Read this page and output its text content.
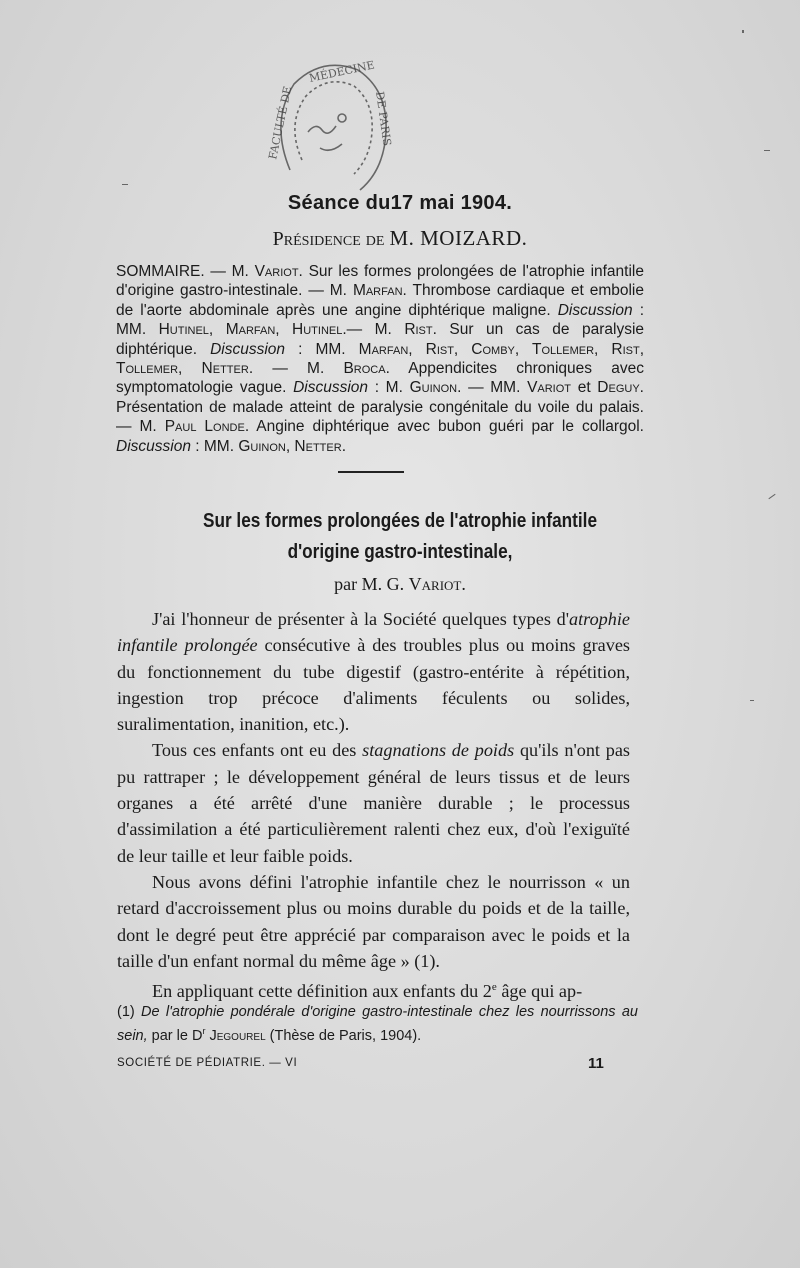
MÉDECINE
FACULTÉ DE	DE PARIS
Séance du17 mai 1904.
Présidence de M. MOIZARD.
SOMMAIRE. — M. Variot. Sur les formes prolongées de l'atrophie infantile d'origine gastro-intestinale. — M. Marfan. Thrombose cardiaque et embolie de l'aorte abdominale après une angine diphtérique maligne. Discussion : MM. Hutinel, Marfan, Hutinel.— M. Rist. Sur un cas de paralysie diphtérique. Discussion : MM. Marfan, Rist, Comby, Tollemer, Rist, Tollemer, Netter. — M. Broca. Appendicites chroniques avec symptomatologie vague. Discussion : M. Guinon. — MM. Variot et Deguy. Présentation de malade atteint de paralysie congénitale du voile du palais. — M. Paul Londe. Angine diphtérique avec bubon guéri par le collargol. Discussion : MM. Guinon, Netter.
Sur les formes prolongées de l'atrophie infantile
d'origine gastro-intestinale,
par M. G. Variot.

J'ai l'honneur de présenter à la Société quelques types d'atrophie infantile prolongée consécutive à des troubles plus ou moins graves du fonctionnement du tube digestif (gastro-entérite à répétition, ingestion trop précoce d'aliments féculents ou solides, suralimentation, inanition, etc.).

Tous ces enfants ont eu des stagnations de poids qu'ils n'ont pas pu rattraper ; le développement général de leurs tissus et de leurs organes a été arrêté d'une manière durable ; le processus d'assimilation a été particulièrement ralenti chez eux, d'où l'exiguïté de leur taille et leur faible poids.

Nous avons défini l'atrophie infantile chez le nourrisson « un retard d'accroissement plus ou moins durable du poids et de la taille, dont le degré peut être apprécié par comparaison avec le poids et la taille d'un enfant normal du même âge » (1).

En appliquant cette définition aux enfants du 2e âge qui ap-

(1) De l'atrophie pondérale d'origine gastro-intestinale chez les nourrissons au sein, par le $D^r$ Jegourel (Thèse de Paris, 1904).
SOCIÉTÉ DE PÉDIATRIE. — VI	11
